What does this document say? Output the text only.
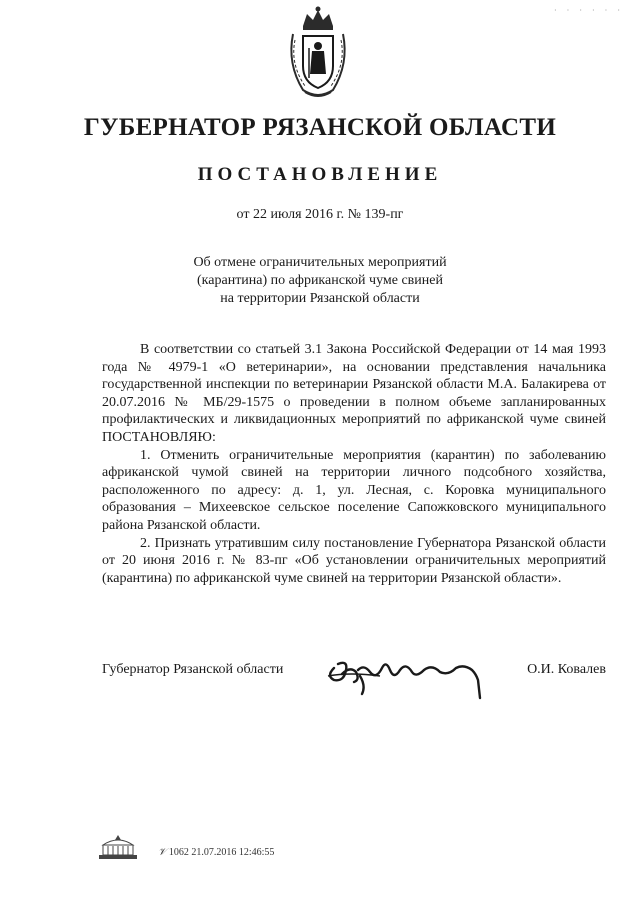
· · · · · ·
ГУБЕРНАТОР РЯЗАНСКОЙ ОБЛАСТИ
ПОСТАНОВЛЕНИЕ
от 22 июля 2016 г. № 139-пг
Об отмене ограничительных мероприятий
(карантина) по африканской чуме свиней
на территории Рязанской области

В соответствии со статьей 3.1 Закона Российской Федерации от 14 мая 1993 года № 4979-1 «О ветеринарии», на основании представления начальника государственной инспекции по ветеринарии Рязанской области М.А. Балакирева от 20.07.2016 № МБ/29-1575 о проведении в полном объеме запланированных профилактических и ликвидационных мероприятий по африканской чуме свиней ПОСТАНОВЛЯЮ:

1. Отменить ограничительные мероприятия (карантин) по заболеванию африканской чумой свиней на территории личного подсобного хозяйства, расположенного по адресу: д. 1, ул. Лесная, с. Коровка муниципального образования – Михеевское сельское поселение Сапожковского муниципального района Рязанской области.

2. Признать утратившим силу постановление Губернатора Рязанской области от 20 июня 2016 г. № 83-пг «Об установлении ограничительных мероприятий (карантина) по африканской чуме свиней на территории Рязанской области».

Губернатор Рязанской области	О.И. Ковалев
𝒱 1062 21.07.2016 12:46:55
